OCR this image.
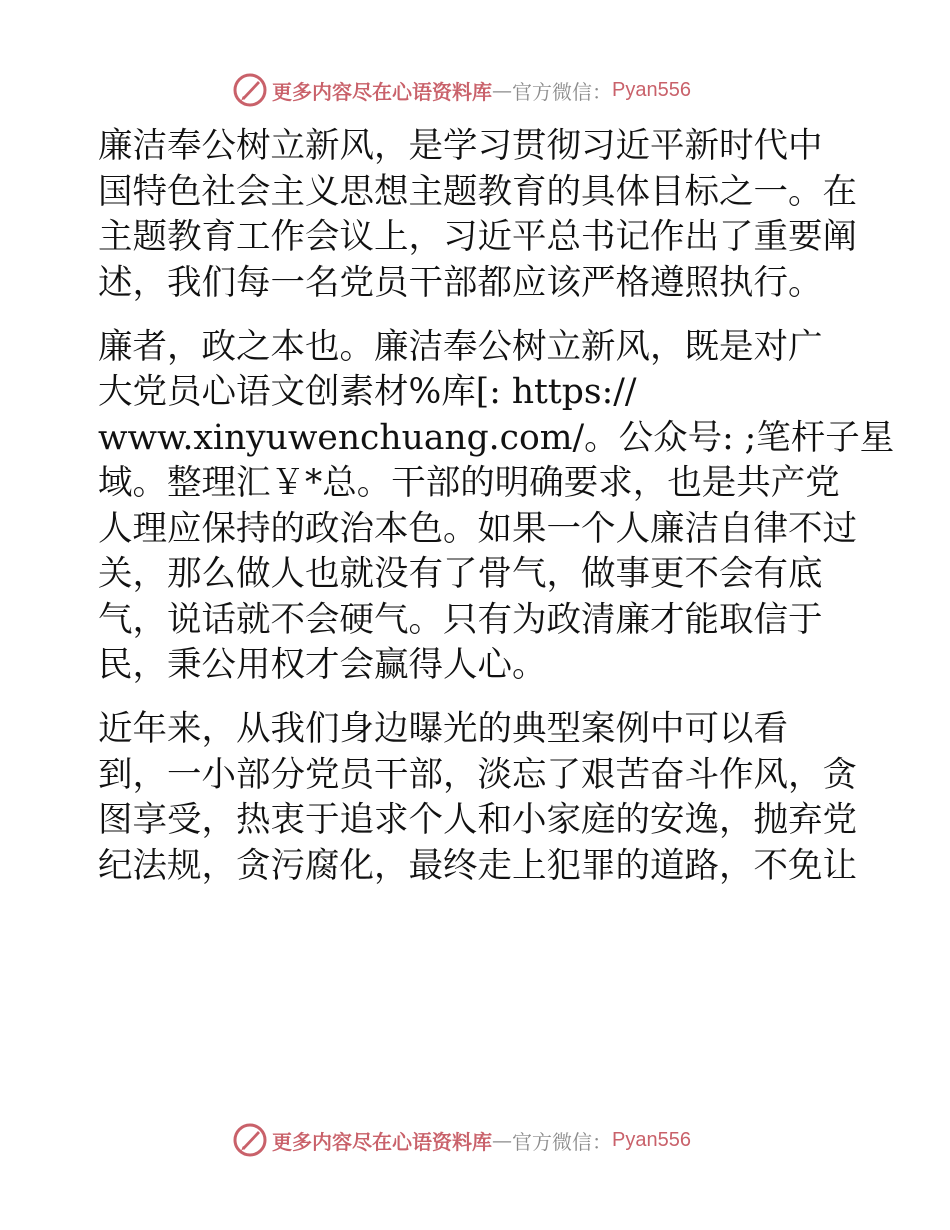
更多内容尽在心语资料库 — 官方微信： Pyan556
廉洁奉公树立新风，是学习贯彻习近平新时代中
国特色社会主义思想主题教育的具体目标之一。在
主题教育工作会议上，习近平总书记作出了重要阐
述，我们每一名党员干部都应该严格遵照执行。
廉者，政之本也。廉洁奉公树立新风，既是对广
大党员心语文创素材%库[: https://
www.xinyuwenchuang.com/。公众号: ;笔杆子星
域。整理汇￥*总。干部的明确要求，也是共产党
人理应保持的政治本色。如果一个人廉洁自律不过
关，那么做人也就没有了骨气，做事更不会有底
气，说话就不会硬气。只有为政清廉才能取信于
民，秉公用权才会赢得人心。
近年来，从我们身边曝光的典型案例中可以看
到，一小部分党员干部，淡忘了艰苦奋斗作风，贪
图享受，热衷于追求个人和小家庭的安逸，抛弃党
纪法规，贪污腐化，最终走上犯罪的道路，不免让
更多内容尽在心语资料库 — 官方微信： Pyan556
